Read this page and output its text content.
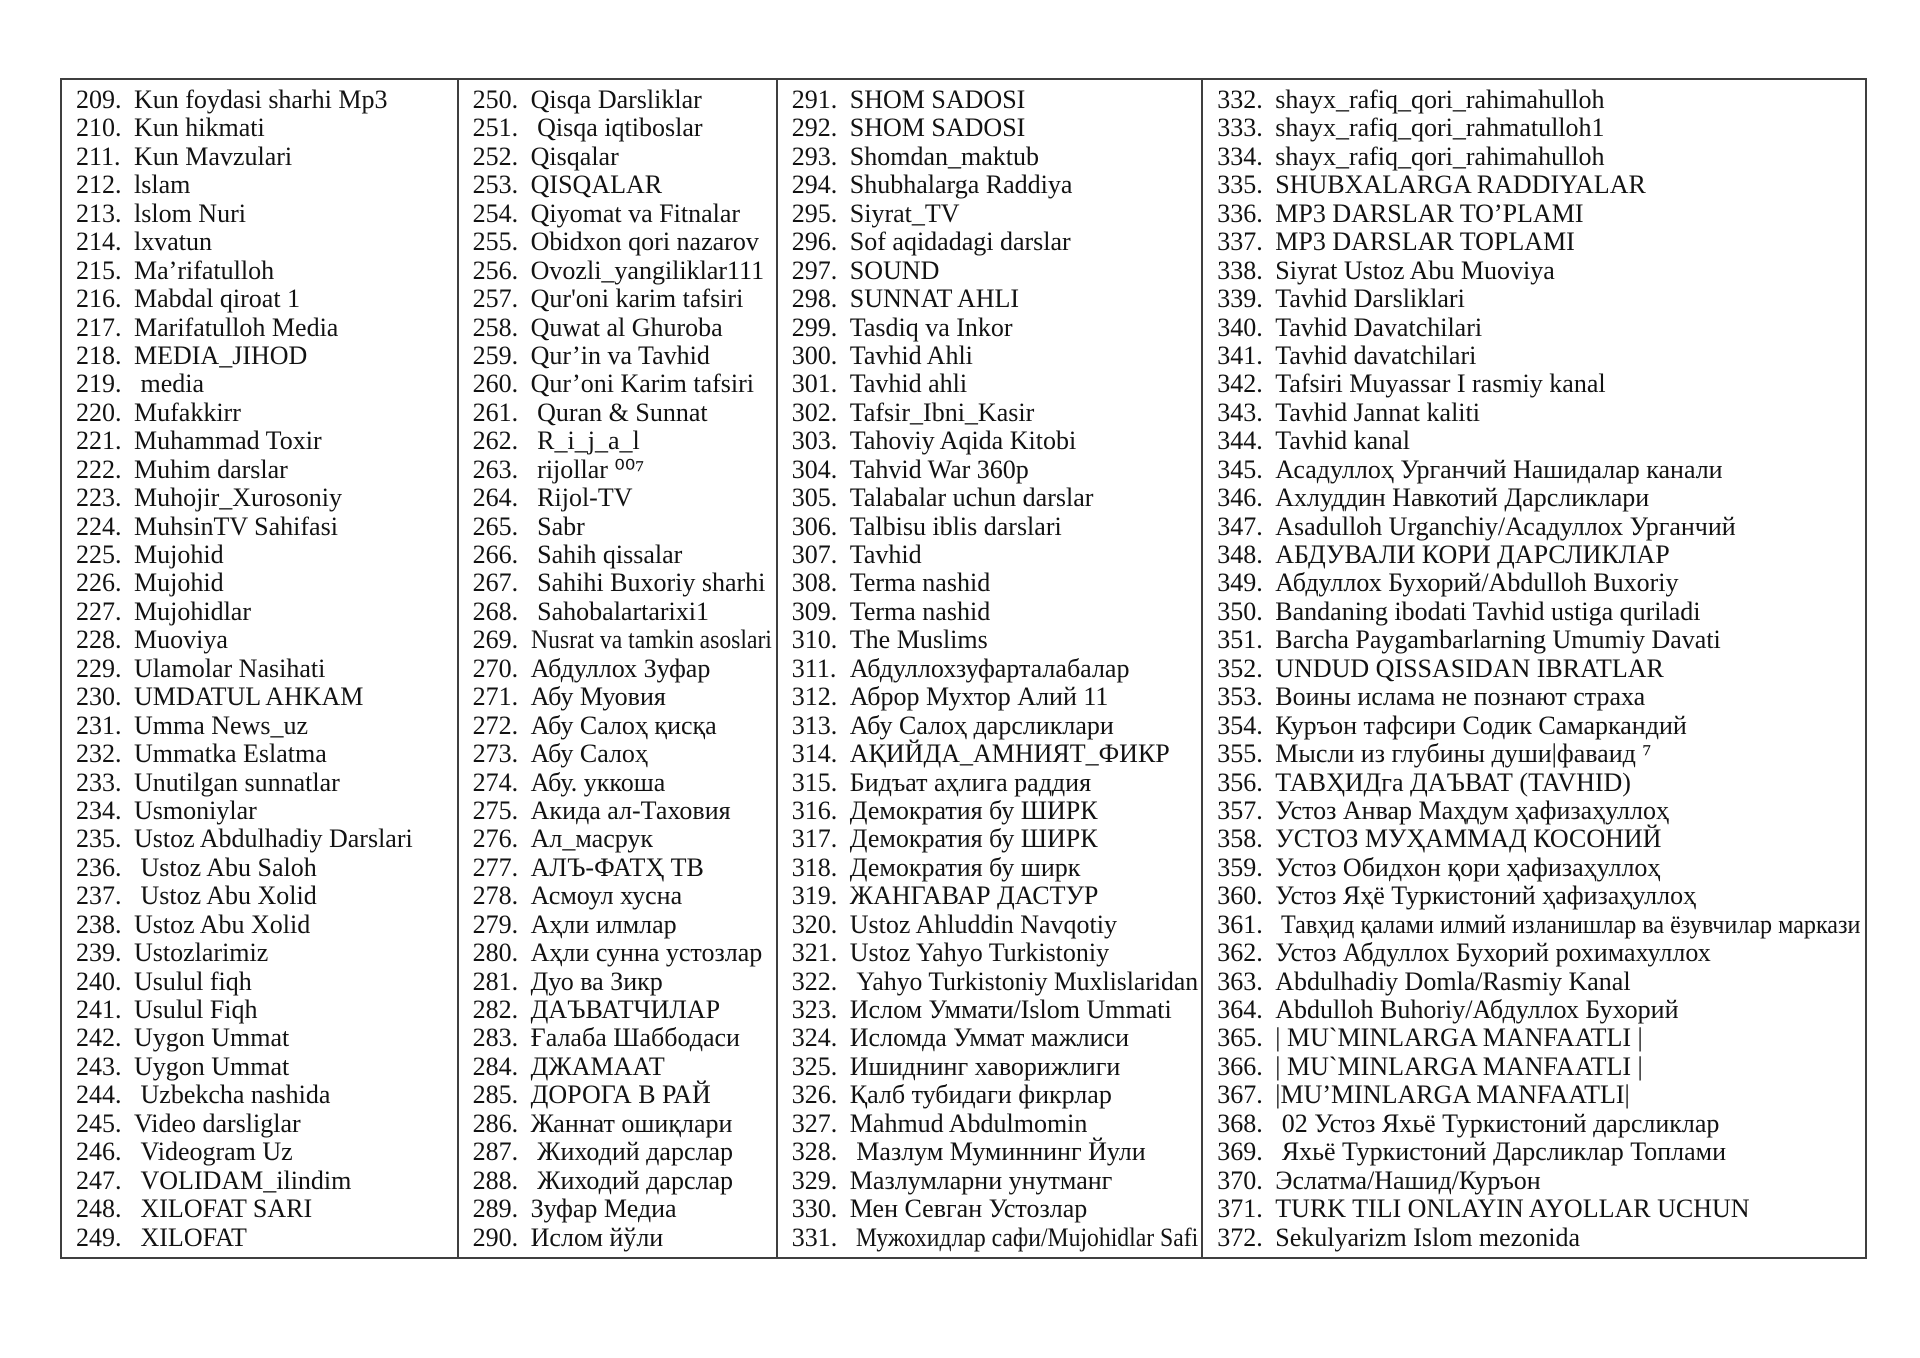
209. Kun foydasi sharhi Mp3
210. Kun hikmati
211. Kun Mavzulari
212. lslam
213. lslom Nuri
214. lxvatun
215. Ma’rifatulloh
216. Mabdal qiroat 1
217. Marifatulloh Media
218. MEDIA_JIHOD
219. media
220. Mufakkirr
221. Muhammad Toxir
222. Muhim darslar
223. Muhojir_Xurosoniy
224. MuhsinTV Sahifasi
225. Mujohid
226. Mujohid
227. Mujohidlar
228. Muoviya
229. Ulamolar Nasihati
230. UMDATUL AHKAM
231. Umma News_uz
232. Ummatka Eslatma
233. Unutilgan sunnatlar
234. Usmoniylar
235. Ustoz Abdulhadiy Darslari
236. Ustoz Abu Saloh
237. Ustoz Abu Xolid
238. Ustoz Abu Xolid
239. Ustozlarimiz
240. Usulul fiqh
241. Usulul Fiqh
242. Uygon Ummat
243. Uygon Ummat
244. Uzbekcha nashida
245. Video darsliglar
246. Videogram Uz
247. VOLIDAM_ilindim
248. XILOFAT SARI
249. XILOFAT
250. Qisqa Darsliklar
251. Qisqa iqtiboslar
252. Qisqalar
253. QISQALAR
254. Qiyomat va Fitnalar
255. Obidxon qori nazarov
256. Ovozli_yangiliklar111
257. Qur'oni karim tafsiri
258. Quwat al Ghuroba
259. Qur’in va Tavhid
260. Qur’oni Karim tafsiri
261. Quran & Sunnat
262. R_i_j_a_l
263. rijollar ⁰⁰⁷
264. Rijol-TV
265. Sabr
266. Sahih qissalar
267. Sahihi Buxoriy sharhi
268. Sahobalartarixi1
269. Nusrat va tamkin asoslari
270. Абдуллох Зуфар
271. Абу Муовия
272. Абу Салоҳ қисқа
273. Абу Салоҳ
274. Абу. уккоша
275. Акида ал-Таховия
276. Ал_масрук
277. АЛЪ-ФАТҲ ТВ
278. Асмоул хусна
279. Аҳли илмлар
280. Аҳли сунна устозлар
281. Дуо ва Зикр
282. ДАЪВАТЧИЛАР
283. Ғалаба Шаббодаси
284. ДЖАМААТ
285. ДОРОГА В РАЙ
286. Жаннат ошиқлари
287. Жиходий дарслар
288. Жиходий дарслар
289. Зуфар Медиа
290. Ислом йўли
291. SHOM SADOSI
292. SHOM SADOSI
293. Shomdan_maktub
294. Shubhalarga Raddiya
295. Siyrat_TV
296. Sof aqidadagi darslar
297. SOUND
298. SUNNAT AHLI
299. Tasdiq va Inkor
300. Tavhid Ahli
301. Tavhid ahli
302. Tafsir_Ibni_Kasir
303. Tahoviy Aqida Kitobi
304. Tahvid War 360p
305. Talabalar uchun darslar
306. Talbisu iblis darslari
307. Tavhid
308. Terma nashid
309. Terma nashid
310. The Muslims
311. Абдуллохзуфарталабалар
312. Аброр Мухтор Алий 11
313. Абу Салоҳ дарсликлари
314. АҚИЙДА_АМНИЯТ_ФИКР
315. Бидъат аҳлига раддия
316. Демократия бу ШИРК
317. Демократия бу ШИРК
318. Демократия бу ширк
319. ЖАНГАВАР ДАСТУР
320. Ustoz Ahluddin Navqotiy
321. Ustoz Yahyo Turkistoniy
322. Yahyo Turkistoniy Muxlislaridan
323. Ислом Уммати/Islom Ummati
324. Исломда Уммат мажлиси
325. Ишиднинг хаворижлиги
326. Қалб тубидаги фикрлар
327. Mahmud Abdulmomin
328. Мазлум Муминнинг Йули
329. Мазлумларни унутманг
330. Мен Севган Устозлар
331. Мужохидлар сафи/Mujohidlar Safi
332. shayx_rafiq_qori_rahimahulloh
333. shayx_rafiq_qori_rahmatulloh1
334. shayx_rafiq_qori_rahimahulloh
335. SHUBXALARGA RADDIYALAR
336. MP3 DARSLAR TO’PLAMI
337. MP3 DARSLAR TOPLAMI
338. Siyrat Ustoz Abu Muoviya
339. Tavhid Darsliklari
340. Tavhid Davatchilari
341. Tavhid davatchilari
342. Tafsiri Muyassar I rasmiy kanal
343. Tavhid Jannat kaliti
344. Tavhid kanal
345. Асадуллоҳ Урганчий Нашидалар канали
346. Ахлуддин Навкотий Дарсликлари
347. Asadulloh Urganchiy/Асадуллох Урганчий
348. АБДУВАЛИ КОРИ ДАРСЛИКЛАР
349. Абдуллох Бухорий/Abdulloh Buxoriy
350. Bandaning ibodati Tavhid ustiga quriladi
351. Barcha Paygambarlarning Umumiy Davati
352. UNDUD QISSASIDAN IBRATLAR
353. Воины ислама не познают страха
354. Куръон тафсири Содик Самаркандий
355. Мысли из глубины души|фаваид ⁷
356. ТАВҲИДга ДАЪВАТ (TAVHID)
357. Устоз Анвар Маҳдум ҳафизаҳуллоҳ
358. УСТОЗ МУҲАММАД КОСОНИЙ
359. Устоз Обидхон қори ҳафизаҳуллоҳ
360. Устоз Яҳё Туркистоний ҳафизаҳуллоҳ
361. Тавҳид қалами илмий изланишлар ва ёзувчилар маркази
362. Устоз Абдуллох Бухорий рохимахуллох
363. Abdulhadiy Domla/Rasmiy Kanal
364. Abdulloh Buhoriy/Абдуллох Бухорий
365. | MU`MINLARGA MANFAATLI |
366. | MU`MINLARGA MANFAATLI |
367. |MU’MINLARGA MANFAATLI|
368. 02 Устоз Яхьё Туркистоний дарсликлар
369. Яхьё Туркистоний Дарсликлар Топлами
370. Эслатма/Нашид/Куръон
371. TURK TILI ONLAYIN AYOLLAR UCHUN
372. Sekulyarizm Islom mezonida
